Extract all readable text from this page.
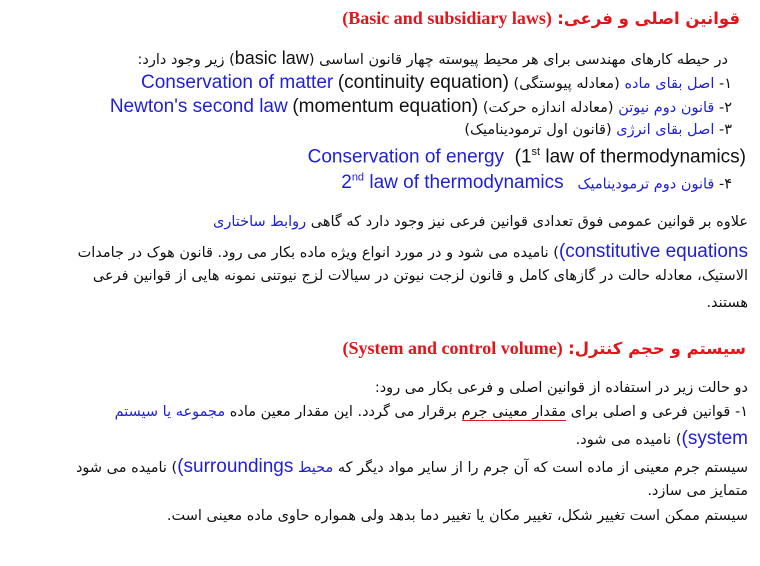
قوانین اصلی و فرعی: (Basic and subsidiary laws)
در حیطه کارهای مهندسی برای هر محیط پیوسته چهار قانون اساسی (basic law) زیر وجود دارد:
۱- اصل بقای ماده (معادله پیوستگی) (continuity equation) Conservation of matter
۲- قانون دوم نیوتن (معادله اندازه حرکت) (momentum equation) Newton's second law
۳- اصل بقای انرژی (قانون اول ترمودینامیک)
Conservation of energy (1st law of thermodynamics)
۴- قانون دوم ترمودینامیک   2nd law of thermodynamics
علاوه بر قوانین عمومی فوق تعدادی قوانین فرعی نیز وجود دارد که گاهی روابط ساختاری
(constitutive equations) نامیده می شود و در مورد انواع ویژه ماده بکار می رود. قانون هوک در جامدات
الاستیک، معادله حالت در گازهای کامل و قانون لزجت نیوتن در سیالات لزج نیوتنی نمونه هایی از قوانین فرعی
هستند.
سیستم و حجم کنترل: (System and control volume)
دو حالت زیر در استفاده از قوانین اصلی و فرعی بکار می رود:
۱- قوانین فرعی و اصلی برای مقدار معینی جرم برقرار می گردد. این مقدار معین ماده مجموعه یا سیستم
(system) نامیده می شود.
سیستم جرم معینی از ماده است که آن جرم را از سایر مواد دیگر که محیط (surroundings) نامیده می شود
متمایز می سازد.
سیستم ممکن است تغییر شکل، تغییر مکان یا تغییر دما بدهد ولی همواره حاوی ماده معینی است.
